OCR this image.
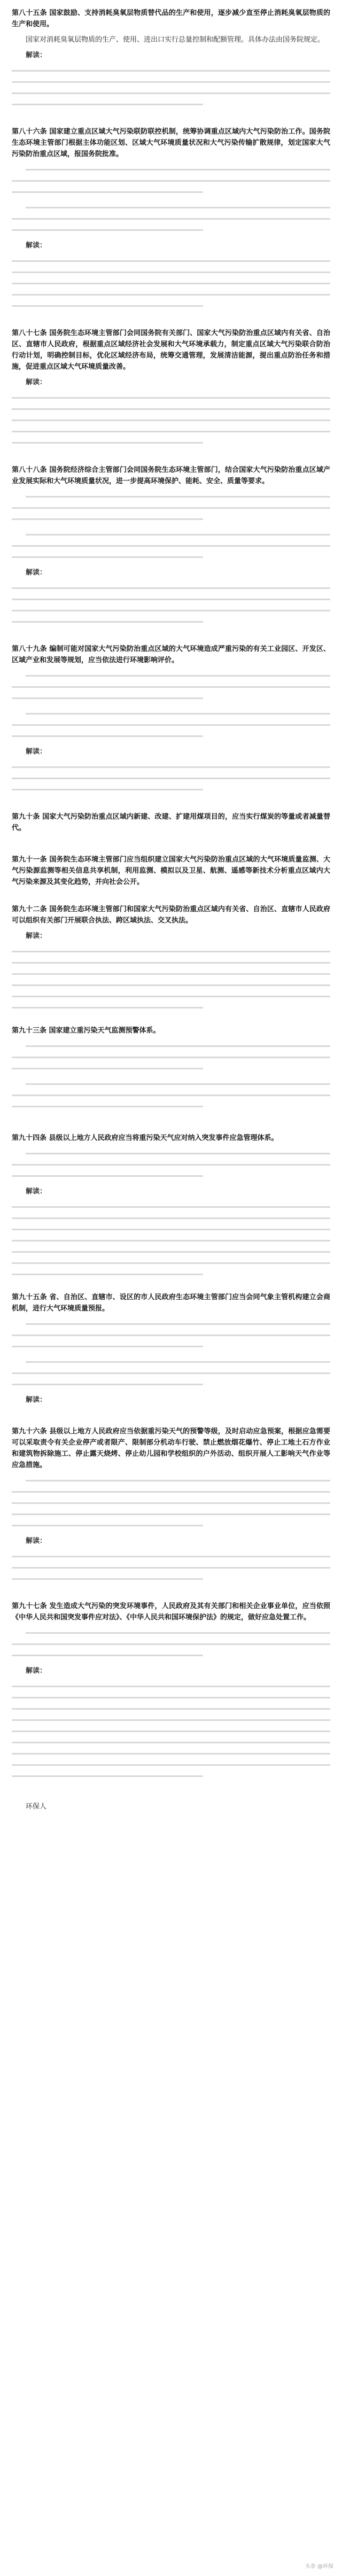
第八十五条 国家鼓励、支持消耗臭氧层物质替代品的生产和使用，逐步减少直至停止消耗臭氧层物质的生产和使用。

国家对消耗臭氧层物质的生产、使用、进出口实行总量控制和配额管理。具体办法由国务院规定。

解读：

第八十六条 国家建立重点区域大气污染联防联控机制，统筹协调重点区域内大气污染防治工作。国务院生态环境主管部门根据主体功能区划、区域大气环境质量状况和大气污染传输扩散规律，划定国家大气污染防治重点区域，报国务院批准。

解读：

第八十七条 国务院生态环境主管部门会同国务院有关部门、国家大气污染防治重点区域内有关省、自治区、直辖市人民政府，根据重点区域经济社会发展和大气环境承载力，制定重点区域大气污染联合防治行动计划，明确控制目标，优化区域经济布局，统筹交通管理，发展清洁能源，提出重点防治任务和措施，促进重点区域大气环境质量改善。

解读：

第八十八条 国务院经济综合主管部门会同国务院生态环境主管部门，结合国家大气污染防治重点区域产业发展实际和大气环境质量状况，进一步提高环境保护、能耗、安全、质量等要求。

解读：

第八十九条 编制可能对国家大气污染防治重点区域的大气环境造成严重污染的有关工业园区、开发区、区域产业和发展等规划，应当依法进行环境影响评价。

解读：

第九十条 国家大气污染防治重点区域内新建、改建、扩建用煤项目的，应当实行煤炭的等量或者减量替代。

第九十一条 国务院生态环境主管部门应当组织建立国家大气污染防治重点区域的大气环境质量监测、大气污染源监测等相关信息共享机制，利用监测、模拟以及卫星、航测、遥感等新技术分析重点区域内大气污染来源及其变化趋势，并向社会公开。

第九十二条 国务院生态环境主管部门和国家大气污染防治重点区域内有关省、自治区、直辖市人民政府可以组织有关部门开展联合执法、跨区域执法、交叉执法。

解读：

第九十三条 国家建立重污染天气监测预警体系。

第九十四条 县级以上地方人民政府应当将重污染天气应对纳入突发事件应急管理体系。

解读：

第九十五条 省、自治区、直辖市、设区的市人民政府生态环境主管部门应当会同气象主管机构建立会商机制，进行大气环境质量预报。

解读：

第九十六条 县级以上地方人民政府应当依据重污染天气的预警等级，及时启动应急预案，根据应急需要可以采取责令有关企业停产或者限产、限制部分机动车行驶、禁止燃放烟花爆竹、停止工地土石方作业和建筑物拆除施工、停止露天烧烤、停止幼儿园和学校组织的户外活动、组织开展人工影响天气作业等应急措施。

解读：

第九十七条 发生造成大气污染的突发环境事件，人民政府及其有关部门和相关企业事业单位，应当依照《中华人民共和国突发事件应对法》、《中华人民共和国环境保护法》的规定，做好应急处置工作。

解读：

环保人

头条 @环保
